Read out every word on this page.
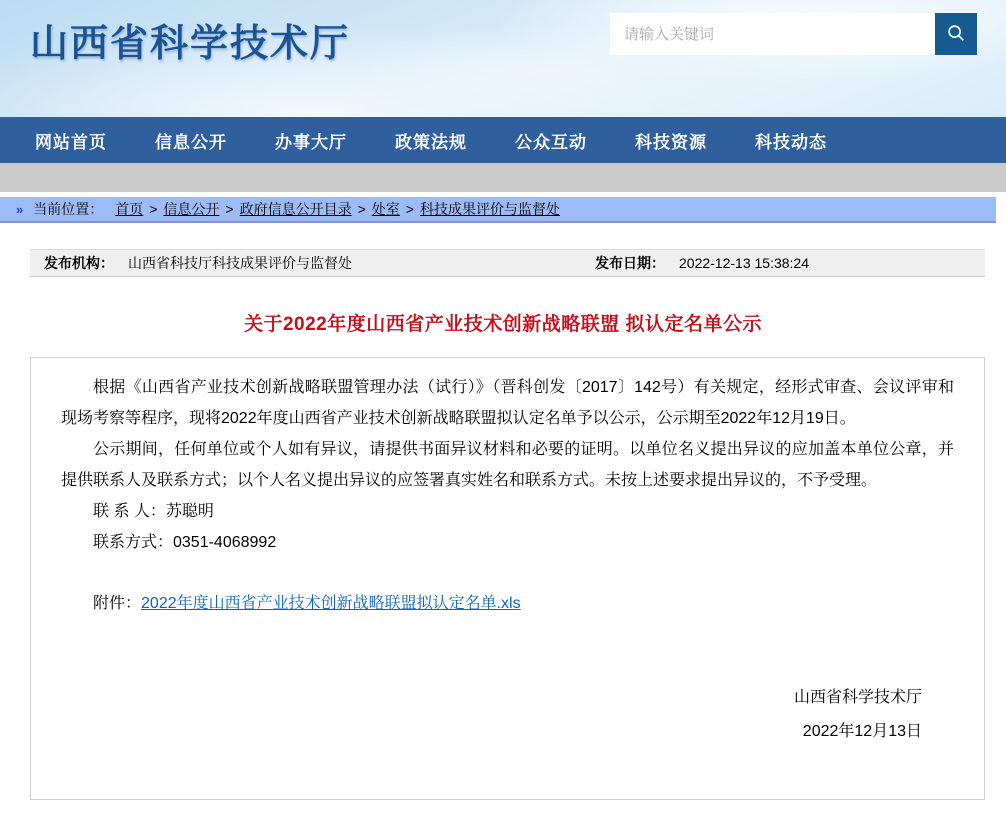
山西省科学技术厅
请输入关键词
网站首页	信息公开	办事大厅	政策法规	公众互动	科技资源	科技动态
» 当前位置： 首页 > 信息公开 > 政府信息公开目录 > 处室 > 科技成果评价与监督处
发布机构： 山西省科技厅科技成果评价与监督处	发布日期： 2022-12-13 15:38:24
关于2022年度山西省产业技术创新战略联盟 拟认定名单公示

根据《山西省产业技术创新战略联盟管理办法（试行）》（晋科创发〔2017〕142号）有关规定，经形式审查、会议评审和现场考察等程序，现将2022年度山西省产业技术创新战略联盟拟认定名单予以公示，公示期至2022年12月19日。

公示期间，任何单位或个人如有异议，请提供书面异议材料和必要的证明。以单位名义提出异议的应加盖本单位公章，并提供联系人及联系方式；以个人名义提出异议的应签署真实姓名和联系方式。未按上述要求提出异议的，不予受理。

联 系 人：苏聪明

联系方式：0351-4068992

附件：2022年度山西省产业技术创新战略联盟拟认定名单.xls
山西省科学技术厅
2022年12月13日
